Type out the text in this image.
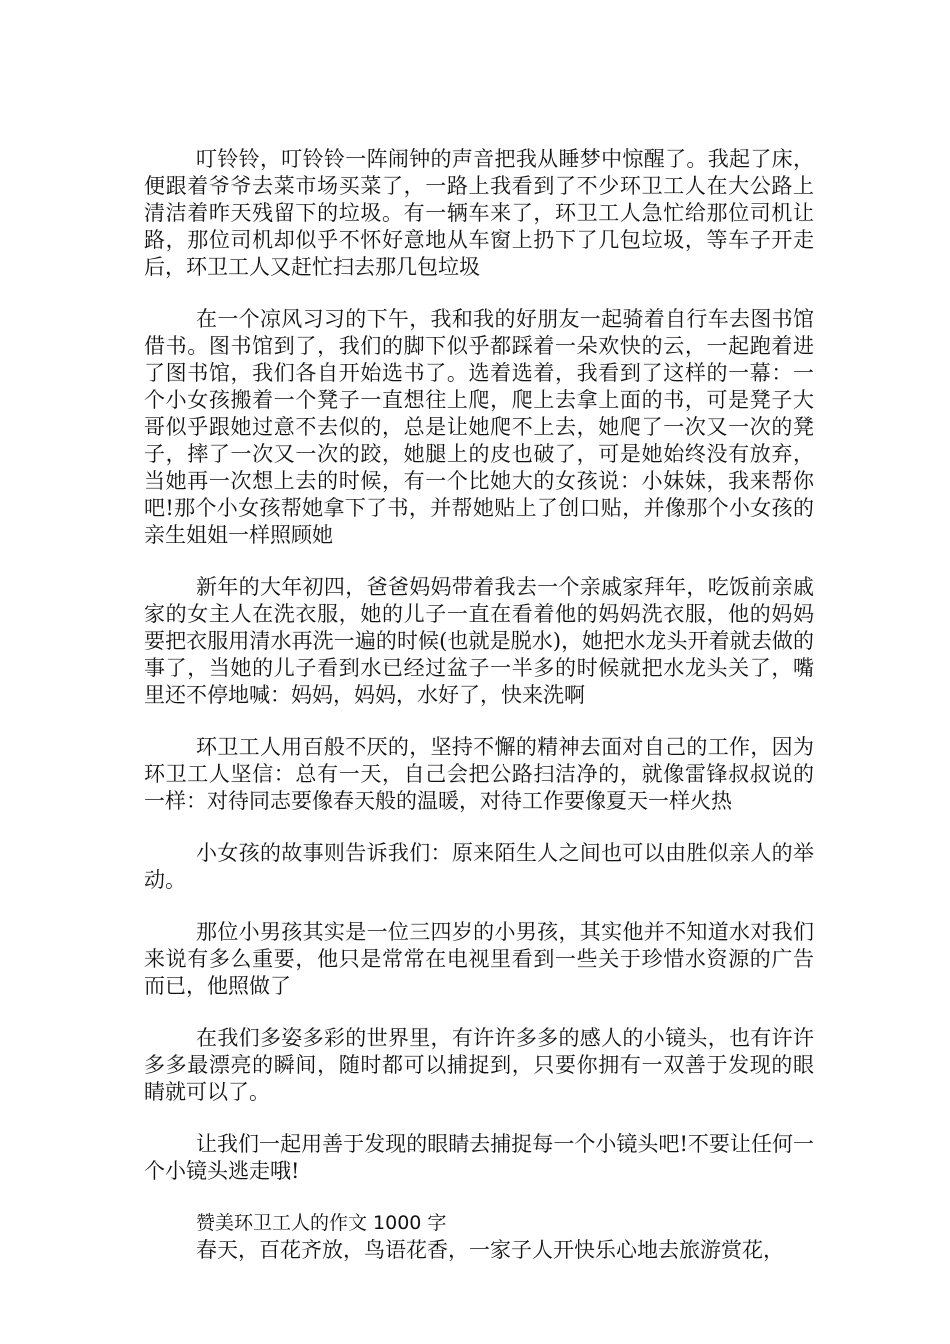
叮铃铃，叮铃铃一阵闹钟的声音把我从睡梦中惊醒了。我起了床，便跟着爷爷去菜市场买菜了，一路上我看到了不少环卫工人在大公路上清洁着昨天残留下的垃圾。有一辆车来了，环卫工人急忙给那位司机让路，那位司机却似乎不怀好意地从车窗上扔下了几包垃圾，等车子开走后，环卫工人又赶忙扫去那几包垃圾

在一个凉风习习的下午，我和我的好朋友一起骑着自行车去图书馆借书。图书馆到了，我们的脚下似乎都踩着一朵欢快的云，一起跑着进了图书馆，我们各自开始选书了。选着选着，我看到了这样的一幕：一个小女孩搬着一个凳子一直想往上爬，爬上去拿上面的书，可是凳子大哥似乎跟她过意不去似的，总是让她爬不上去，她爬了一次又一次的凳子，摔了一次又一次的跤，她腿上的皮也破了，可是她始终没有放弃，当她再一次想上去的时候，有一个比她大的女孩说：小妹妹，我来帮你吧!那个小女孩帮她拿下了书，并帮她贴上了创口贴，并像那个小女孩的亲生姐姐一样照顾她

新年的大年初四，爸爸妈妈带着我去一个亲戚家拜年，吃饭前亲戚家的女主人在洗衣服，她的儿子一直在看着他的妈妈洗衣服，他的妈妈要把衣服用清水再洗一遍的时候(也就是脱水)，她把水龙头开着就去做的事了，当她的儿子看到水已经过盆子一半多的时候就把水龙头关了，嘴里还不停地喊：妈妈，妈妈，水好了，快来洗啊

环卫工人用百般不厌的，坚持不懈的精神去面对自己的工作，因为环卫工人坚信：总有一天，自己会把公路扫洁净的，就像雷锋叔叔说的一样：对待同志要像春天般的温暖，对待工作要像夏天一样火热

小女孩的故事则告诉我们：原来陌生人之间也可以由胜似亲人的举动。

那位小男孩其实是一位三四岁的小男孩，其实他并不知道水对我们来说有多么重要，他只是常常在电视里看到一些关于珍惜水资源的广告而已，他照做了

在我们多姿多彩的世界里，有许许多多的感人的小镜头，也有许许多多最漂亮的瞬间，随时都可以捕捉到，只要你拥有一双善于发现的眼睛就可以了。

让我们一起用善于发现的眼睛去捕捉每一个小镜头吧!不要让任何一个小镜头逃走哦!

赞美环卫工人的作文 1000 字

春天，百花齐放，鸟语花香，一家子人开快乐心地去旅游赏花，
